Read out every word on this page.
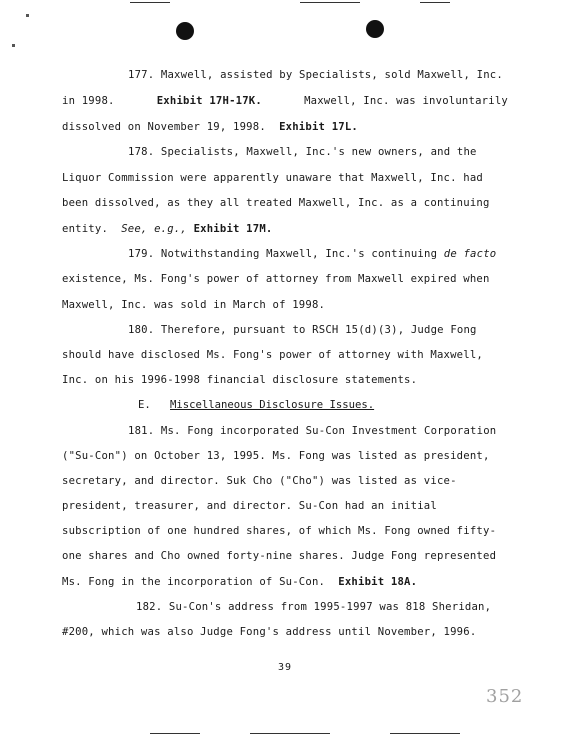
177. Maxwell, assisted by Specialists, sold Maxwell, Inc.
in 1998.	Exhibit 17H-17K.	Maxwell, Inc. was involuntarily
dissolved on November 19, 1998. Exhibit 17L.
178. Specialists, Maxwell, Inc.'s new owners, and the
Liquor Commission were apparently unaware that Maxwell, Inc. had
been dissolved, as they all treated Maxwell, Inc. as a continuing
entity. See, e.g., Exhibit 17M.
179. Notwithstanding Maxwell, Inc.'s continuing de facto
existence, Ms. Fong's power of attorney from Maxwell expired when
Maxwell, Inc. was sold in March of 1998.
180. Therefore, pursuant to RSCH 15(d)(3), Judge Fong
should have disclosed Ms. Fong's power of attorney with Maxwell,
Inc. on his 1996-1998 financial disclosure statements.
E. Miscellaneous Disclosure Issues.
181. Ms. Fong incorporated Su-Con Investment Corporation
("Su-Con") on October 13, 1995. Ms. Fong was listed as president,
secretary, and director. Suk Cho ("Cho") was listed as vice-
president, treasurer, and director. Su-Con had an initial
subscription of one hundred shares, of which Ms. Fong owned fifty-
one shares and Cho owned forty-nine shares. Judge Fong represented
Ms. Fong in the incorporation of Su-Con. Exhibit 18A.
182. Su-Con's address from 1995-1997 was 818 Sheridan,
#200, which was also Judge Fong's address until November, 1996.
39
352
